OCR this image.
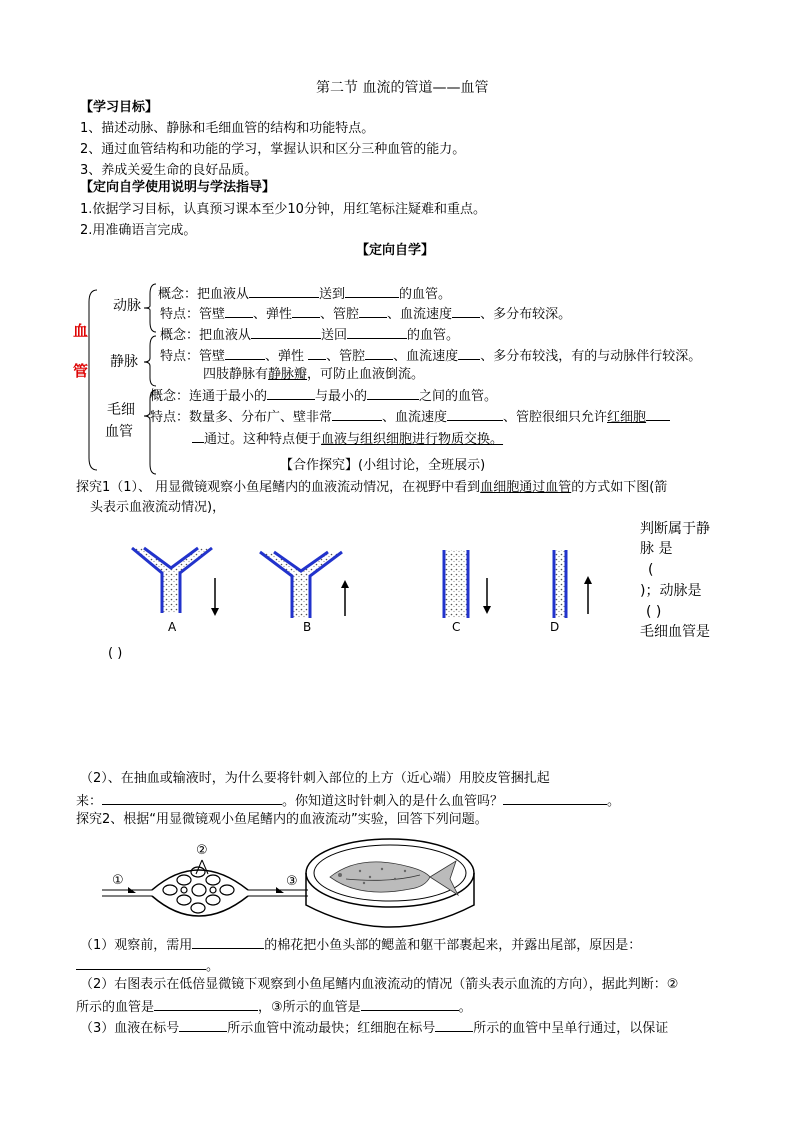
第二节 血流的管道——血管
【学习目标】
1、描述动脉、静脉和毛细血管的结构和功能特点。
2、通过血管结构和功能的学习，掌握认识和区分三种血管的能力。
3、养成关爱生命的良好品质。
【定向自学使用说明与学法指导】
1.依据学习目标，认真预习课本至少10分钟，用红笔标注疑难和重点。
2.用准确语言完成。
【定向自学】
血
管
动脉
概念：把血液从	送到	的血管。
特点：管壁 、弹性 、管腔 、血流速度 、多分布较深。
概念：把血液从	送回	的血管。
静脉 特点：管壁	、弹性 、管腔 、血流速度 、多分布较浅，有的与动脉伴行较深。
四肢静脉有静脉瓣，可防止血液倒流。
概念：连通于最小的	与最小的	之间的血管。
毛细
血管
特点：数量多、分布广、壁非常	、血流速度	、管腔很细只允许红细胞
通过。这种特点便于血液与组织细胞进行物质交换。
【合作探究】(小组讨论，全班展示)
探究1（1）、 用显微镜观察小鱼尾鳍内的血液流动情况，在视野中看到血细胞通过血管的方式如下图(箭
头表示血液流动情况)，
A	B	C	D
判断属于静
脉 是
(
)；动脉是
( )
毛细血管是
( )
（2）、在抽血或输液时，为什么要将针刺入部位的上方（近心端）用胶皮管捆扎起
来：	。你知道这时针刺入的是什么血管吗？	。
探究2、根据“用显微镜观小鱼尾鳍内的血液流动”实验，回答下列问题。
①
②
③
（1）观察前，需用	的棉花把小鱼头部的鳃盖和躯干部裹起来，并露出尾部，原因是：
。
（2）右图表示在低倍显微镜下观察到小鱼尾鳍内血液流动的情况（箭头表示血流的方向），据此判断：②
所示的血管是	，③所示的血管是	。
（3）血液在标号	所示血管中流动最快；红细胞在标号	所示的血管中呈单行通过，以保证
